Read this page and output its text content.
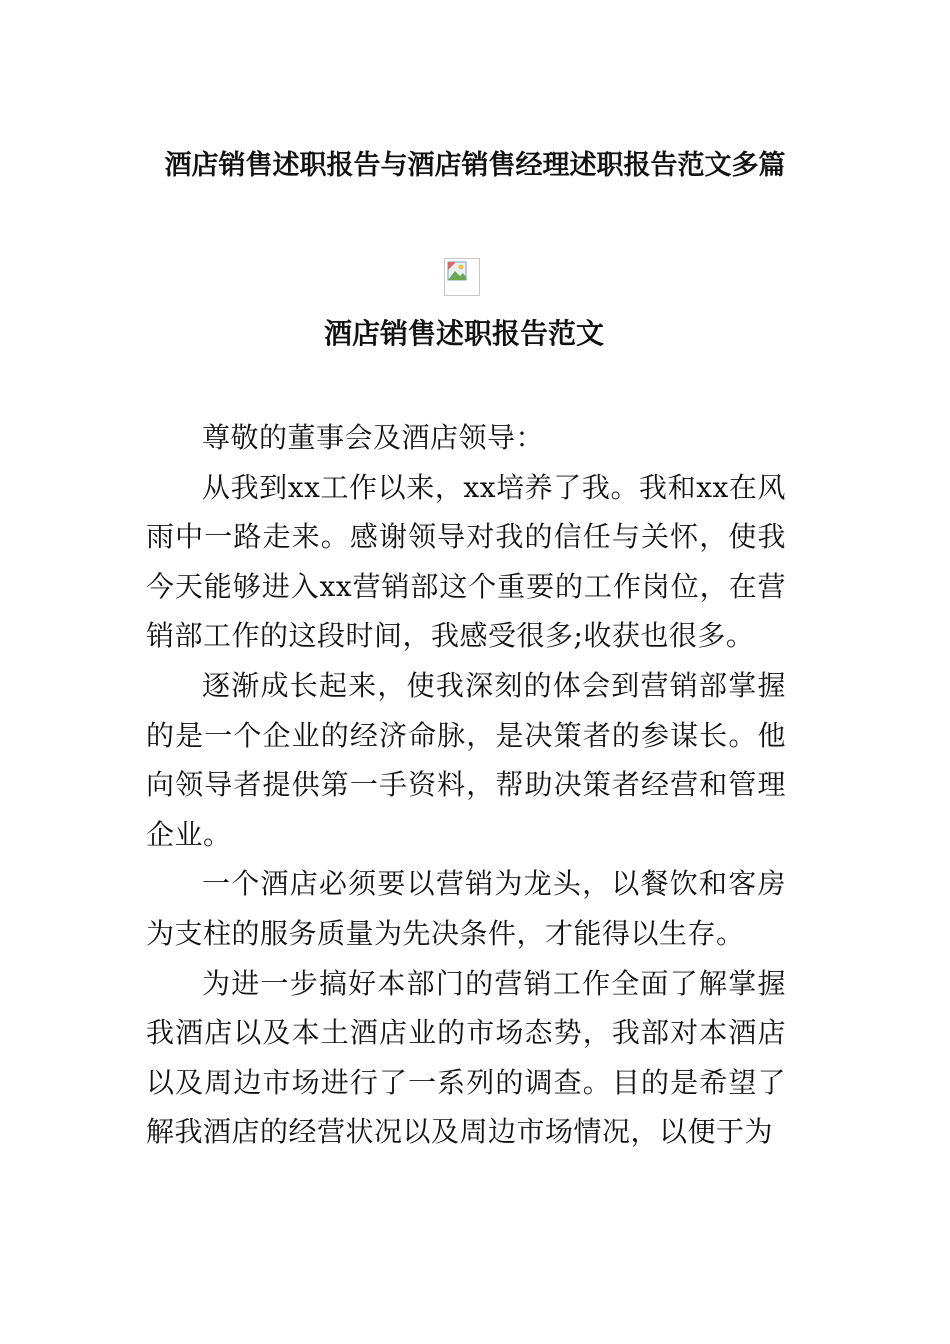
酒店销售述职报告与酒店销售经理述职报告范文多篇
酒店销售述职报告范文

尊敬的董事会及酒店领导：

从我到xx工作以来，xx培养了我。我和xx在风雨中一路走来。感谢领导对我的信任与关怀，使我今天能够进入xx营销部这个重要的工作岗位，在营销部工作的这段时间，我感受很多;收获也很多。

逐渐成长起来，使我深刻的体会到营销部掌握的是一个企业的经济命脉，是决策者的参谋长。他向领导者提供第一手资料，帮助决策者经营和管理企业。

一个酒店必须要以营销为龙头，以餐饮和客房为支柱的服务质量为先决条件，才能得以生存。

为进一步搞好本部门的营销工作全面了解掌握我酒店以及本土酒店业的市场态势，我部对本酒店以及周边市场进行了一系列的调查。目的是希望了解我酒店的经营状况以及周边市场情况，以便于为
